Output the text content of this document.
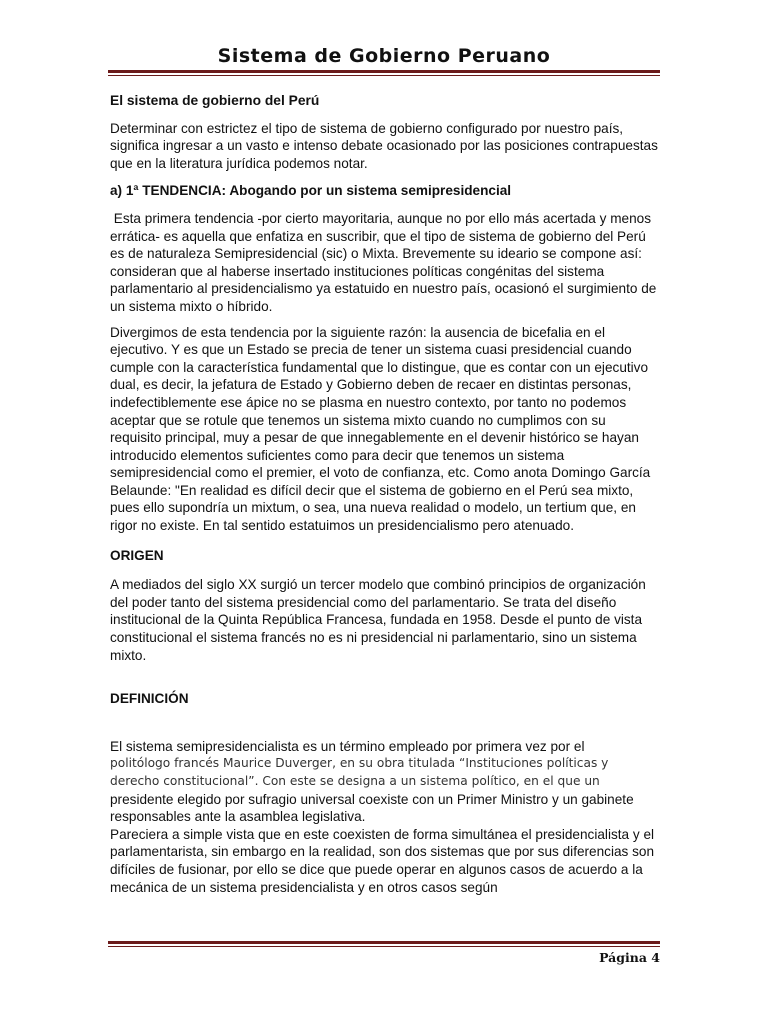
Sistema de Gobierno Peruano

El sistema de gobierno del Perú

Determinar con estrictez el tipo de sistema de gobierno configurado por nuestro país, significa ingresar a un vasto e intenso debate ocasionado por las posiciones contrapuestas que en la literatura jurídica podemos notar.

a) 1ª TENDENCIA: Abogando por un sistema semipresidencial

Esta primera tendencia -por cierto mayoritaria, aunque no por ello más acertada y menos errática- es aquella que enfatiza en suscribir, que el tipo de sistema de gobierno del Perú es de naturaleza Semipresidencial (sic) o Mixta. Brevemente su ideario se compone así: consideran que al haberse insertado instituciones políticas congénitas del sistema parlamentario al presidencialismo ya estatuido en nuestro país, ocasionó el surgimiento de un sistema mixto o híbrido.

Divergimos de esta tendencia por la siguiente razón: la ausencia de bicefalia en el ejecutivo. Y es que un Estado se precia de tener un sistema cuasi presidencial cuando cumple con la característica fundamental que lo distingue, que es contar con un ejecutivo dual, es decir, la jefatura de Estado y Gobierno deben de recaer en distintas personas, indefectiblemente ese ápice no se plasma en nuestro contexto, por tanto no podemos aceptar que se rotule que tenemos un sistema mixto cuando no cumplimos con su requisito principal, muy a pesar de que innegablemente en el devenir histórico se hayan introducido elementos suficientes como para decir que tenemos un sistema semipresidencial como el premier, el voto de confianza, etc. Como anota Domingo García Belaunde: "En realidad es difícil decir que el sistema de gobierno en el Perú sea mixto, pues ello supondría un mixtum, o sea, una nueva realidad o modelo, un tertium que, en rigor no existe. En tal sentido estatuimos un presidencialismo pero atenuado.

ORIGEN

A mediados del siglo XX surgió un tercer modelo que combinó principios de organización del poder tanto del sistema presidencial como del parlamentario. Se trata del diseño institucional de la Quinta República Francesa, fundada en 1958. Desde el punto de vista constitucional el sistema francés no es ni presidencial ni parlamentario, sino un sistema mixto.

DEFINICIÓN

El sistema semipresidencialista es un término empleado por primera vez por el

politólogo francés Maurice Duverger, en su obra titulada “Instituciones políticas y derecho constitucional”. Con este se designa a un sistema político, en el que un

presidente elegido por sufragio universal coexiste con un Primer Ministro y un gabinete responsables ante la asamblea legislativa.

Pareciera a simple vista que en este coexisten de forma simultánea el presidencialista y el parlamentarista, sin embargo en la realidad, son dos sistemas que por sus diferencias son difíciles de fusionar, por ello se dice que puede operar en algunos casos de acuerdo a la mecánica de un sistema presidencialista y en otros casos según

Página 4
